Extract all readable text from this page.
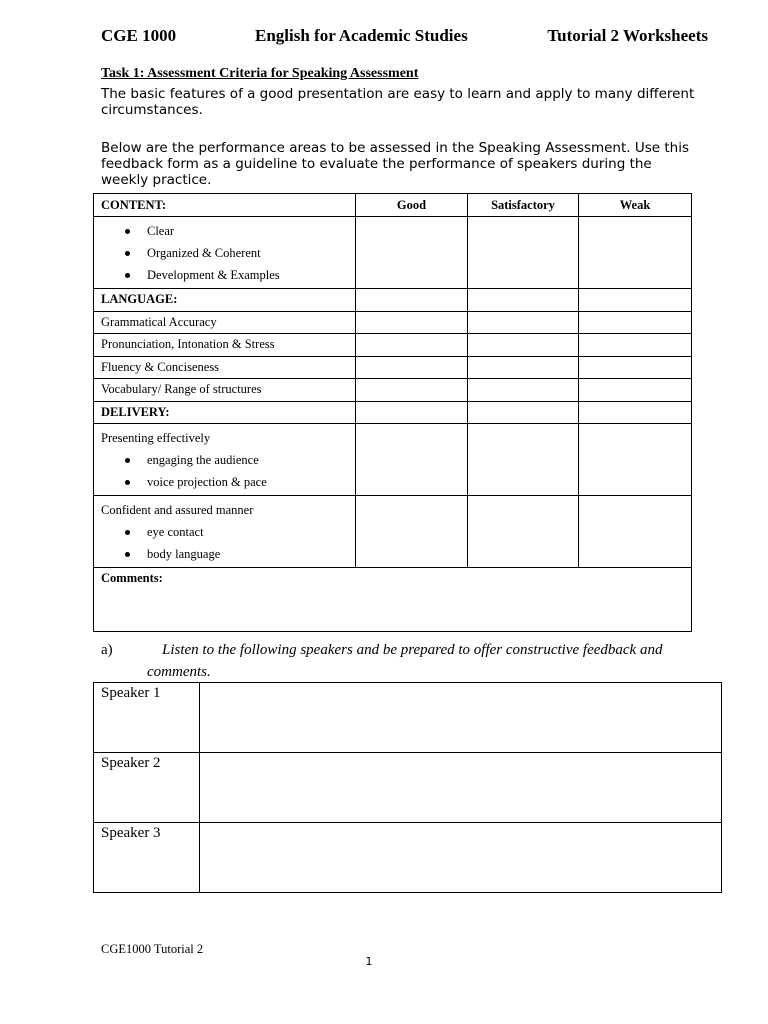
CGE 1000	English for Academic Studies	Tutorial 2 Worksheets
Task 1: Assessment Criteria for Speaking Assessment
The basic features of a good presentation are easy to learn and apply to many different circumstances.
Below are the performance areas to be assessed in the Speaking Assessment. Use this feedback form as a guideline to evaluate the performance of speakers during the weekly practice.
CONTENT:	Good	Satisfactory	Weak

Clear
Organized & Coherent
Development & Examples			

LANGUAGE:			
Grammatical Accuracy			
Pronunciation, Intonation & Stress			
Fluency & Conciseness			
Vocabulary/ Range of structures			
DELIVERY:			

Presenting effectively
engaging the audience
voice projection & pace			

Confident and assured manner
eye contact
body language			

Comments:			
a)	Listen to the following speakers and be prepared to offer constructive feedback and comments.
Speaker 1	
Speaker 2	
Speaker 3	
CGE1000 Tutorial 2
1
